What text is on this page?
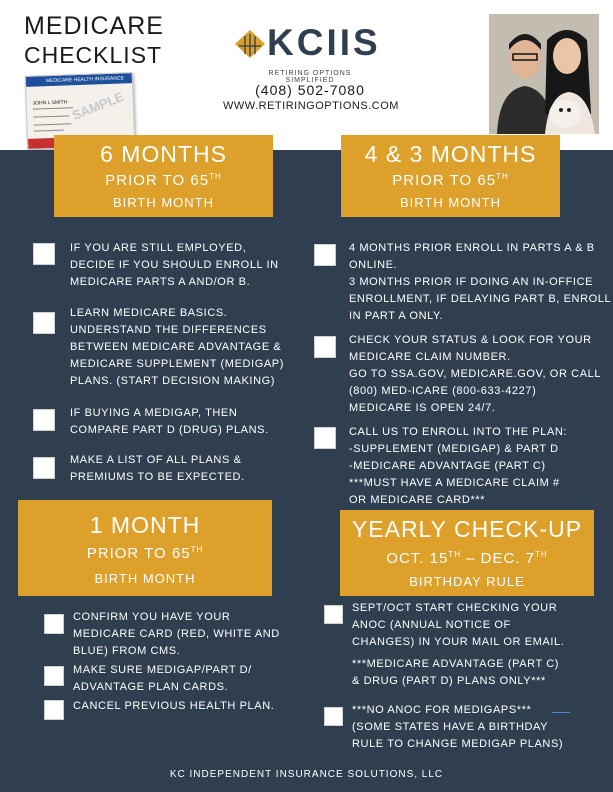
MEDICARE
CHECKLIST
MEDICARE HEALTH INSURANCE
JOHN L SMITH SAMPLE
KCIIS
RETIRING OPTIONS SIMPLIFIED
(408) 502-7080
WWW.RETIRINGOPTIONS.COM
6 MONTHS
PRIOR TO 65TH
BIRTH MONTH
4 & 3 MONTHS
PRIOR TO 65TH
BIRTH MONTH
IF YOU ARE STILL EMPLOYED,
DECIDE IF YOU SHOULD ENROLL IN
MEDICARE PARTS A AND/OR B.
LEARN MEDICARE BASICS.
UNDERSTAND THE DIFFERENCES
BETWEEN MEDICARE ADVANTAGE &
MEDICARE SUPPLEMENT (MEDIGAP)
PLANS. (START DECISION MAKING)
IF BUYING A MEDIGAP, THEN
COMPARE PART D (DRUG) PLANS.
MAKE A LIST OF ALL PLANS &
PREMIUMS TO BE EXPECTED.
4 MONTHS PRIOR ENROLL IN PARTS A & B
ONLINE.
3 MONTHS PRIOR IF DOING AN IN-OFFICE
ENROLLMENT, IF DELAYING PART B, ENROLL
IN PART A ONLY.
CHECK YOUR STATUS & LOOK FOR YOUR
MEDICARE CLAIM NUMBER.
GO TO SSA.GOV, MEDICARE.GOV, OR CALL
(800) MED-ICARE (800-633-4227)
MEDICARE IS OPEN 24/7.
CALL US TO ENROLL INTO THE PLAN:
-SUPPLEMENT (MEDIGAP) & PART D
-MEDICARE ADVANTAGE (PART C)
***MUST HAVE A MEDICARE CLAIM #
OR MEDICARE CARD***
1 MONTH
PRIOR TO 65TH
BIRTH MONTH
YEARLY CHECK-UP
OCT. 15TH – DEC. 7TH
BIRTHDAY RULE
CONFIRM YOU HAVE YOUR
MEDICARE CARD (RED, WHITE AND
BLUE) FROM CMS.
MAKE SURE MEDIGAP/PART D/
ADVANTAGE PLAN CARDS.
CANCEL PREVIOUS HEALTH PLAN.
SEPT/OCT START CHECKING YOUR
ANOC (ANNUAL NOTICE OF
CHANGES) IN YOUR MAIL OR EMAIL.
***MEDICARE ADVANTAGE (PART C)
& DRUG (PART D) PLANS ONLY***
***NO ANOC FOR MEDIGAPS***
(SOME STATES HAVE A BIRTHDAY
RULE TO CHANGE MEDIGAP PLANS)
KC INDEPENDENT INSURANCE SOLUTIONS, LLC
